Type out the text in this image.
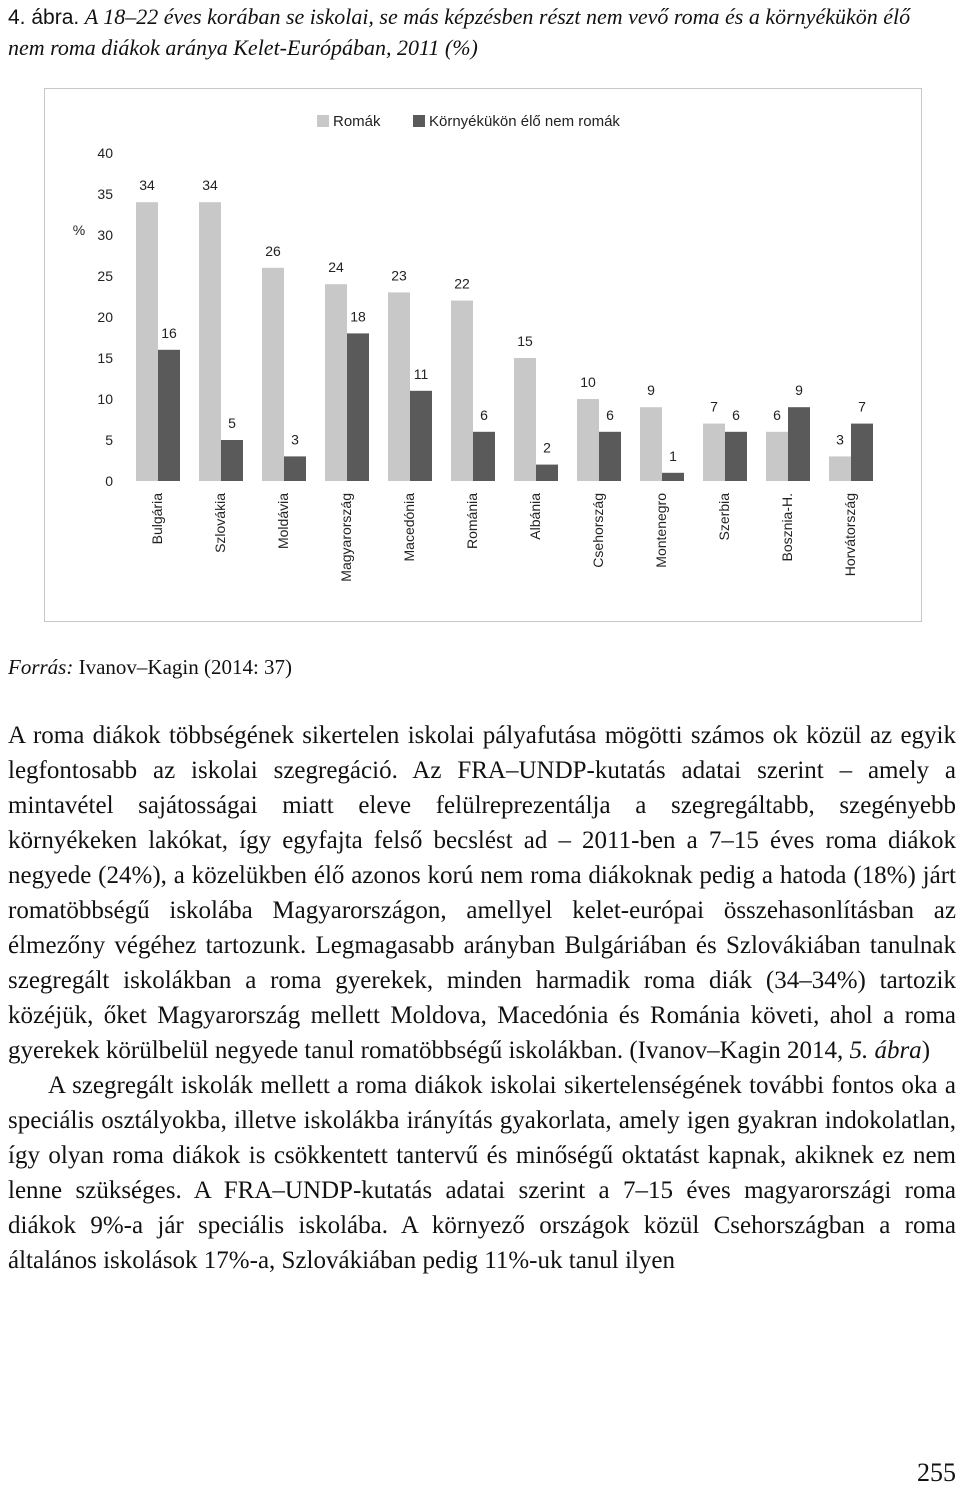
4. ábra. A 18–22 éves korában se iskolai, se más képzésben részt nem vevő roma és a környékükön élő nem roma diákok aránya Kelet-Európában, 2011 (%)
0
5
10
15
20
25
30
35
40
%
Romák	Környékükön élő nem romák
34
16
Bulgária
34
5
Szlovákia
26
3
Moldávia
24
18
Magyarország
23
11
Macedónia
22
6
Románia
15
2
Albánia
10
6
Csehország
9
1
Montenegro
7
6
Szerbia
6
9
Bosznia-H.
3
7
Horvátország
Forrás: Ivanov–Kagin (2014: 37)

A roma diákok többségének sikertelen iskolai pályafutása mögötti számos ok közül az egyik legfontosabb az iskolai szegregáció. Az FRA–UNDP-kutatás adatai szerint – amely a mintavétel sajátosságai miatt eleve felülreprezentálja a szegregáltabb, szegényebb környékeken lakókat, így egyfajta felső becslést ad – 2011-ben a 7–15 éves roma diákok negyede (24%), a közelükben élő azonos korú nem roma diákoknak pedig a hatoda (18%) járt romatöbbségű iskolába Magyarországon, amellyel kelet-európai összehasonlításban az élmezőny végéhez tartozunk. Legmagasabb arányban Bulgáriában és Szlovákiában tanulnak szegregált iskolákban a roma gyerekek, minden harmadik roma diák (34–34%) tartozik közéjük, őket Magyarország mellett Moldova, Macedónia és Románia követi, ahol a roma gyerekek körülbelül negyede tanul romatöbbségű iskolákban. (Ivanov–Kagin 2014, 5. ábra)

A szegregált iskolák mellett a roma diákok iskolai sikertelenségének további fontos oka a speciális osztályokba, illetve iskolákba irányítás gyakorlata, amely igen gyakran indokolatlan, így olyan roma diákok is csökkentett tantervű és minőségű oktatást kapnak, akiknek ez nem lenne szükséges. A FRA–UNDP-kutatás adatai szerint a 7–15 éves magyarországi roma diákok 9%-a jár speciális iskolába. A környező országok közül Csehországban a roma általános iskolások 17%-a, Szlovákiában pedig 11%-uk tanul ilyen

255
